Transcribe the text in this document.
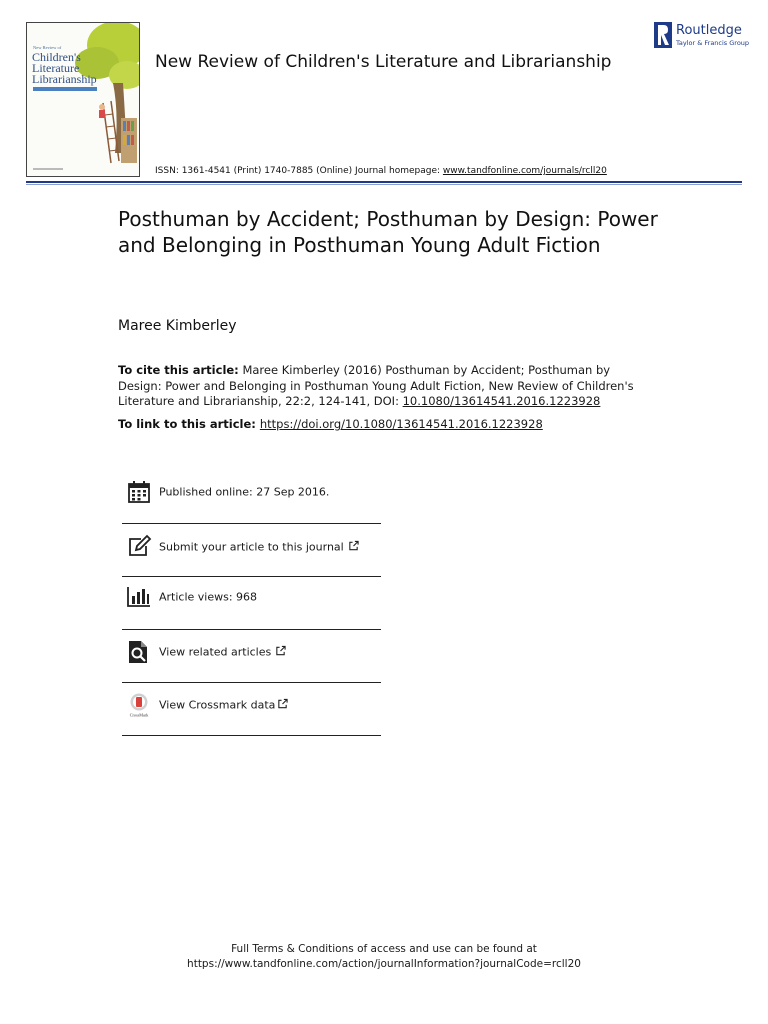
New Review of
Children's
Literature
Librarianship
New Review of Children's Literature and Librarianship
ISSN: 1361-4541 (Print) 1740-7885 (Online) Journal homepage: www.tandfonline.com/journals/rcll20
Routledge
Taylor & Francis Group
Posthuman by Accident; Posthuman by Design: Power and Belonging in Posthuman Young Adult Fiction
Maree Kimberley
To cite this article: Maree Kimberley (2016) Posthuman by Accident; Posthuman by Design: Power and Belonging in Posthuman Young Adult Fiction, New Review of Children's Literature and Librarianship, 22:2, 124-141, DOI: 10.1080/13614541.2016.1223928
To link to this article: https://doi.org/10.1080/13614541.2016.1223928
Published online: 27 Sep 2016.
Submit your article to this journal
Article views: 968
View related articles
CrossMark
View Crossmark data
Full Terms & Conditions of access and use can be found at
https://www.tandfonline.com/action/journalInformation?journalCode=rcll20
